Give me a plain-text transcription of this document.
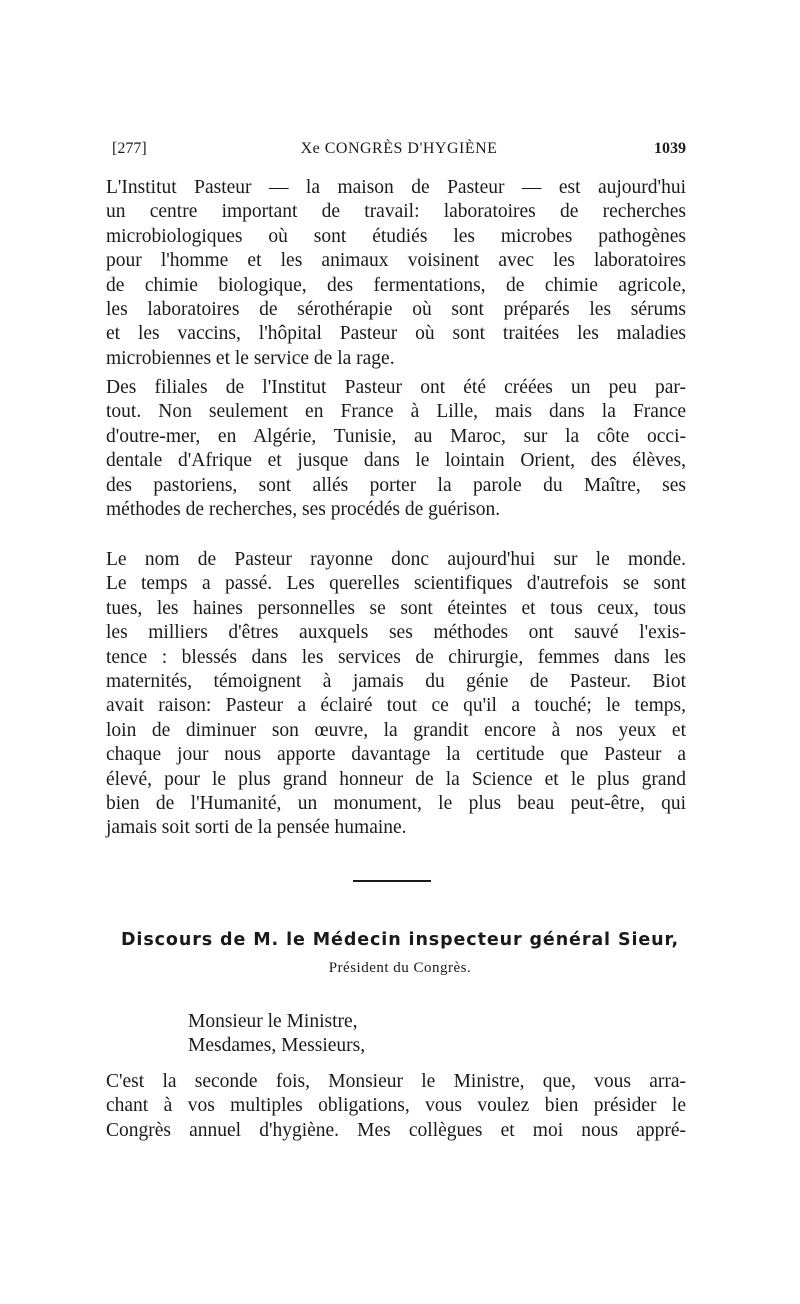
[277]	Xe CONGRÈS D'HYGIÈNE	1039

L'Institut Pasteur — la maison de Pasteur — est aujourd'hui
un centre important de travail: laboratoires de recherches
microbiologiques où sont étudiés les microbes pathogènes
pour l'homme et les animaux voisinent avec les laboratoires
de chimie biologique, des fermentations, de chimie agricole,
les laboratoires de sérothérapie où sont préparés les sérums
et les vaccins, l'hôpital Pasteur où sont traitées les maladies
microbiennes et le service de la rage.

Des filiales de l'Institut Pasteur ont été créées un peu par-
tout. Non seulement en France à Lille, mais dans la France
d'outre-mer, en Algérie, Tunisie, au Maroc, sur la côte occi-
dentale d'Afrique et jusque dans le lointain Orient, des élèves,
des pastoriens, sont allés porter la parole du Maître, ses
méthodes de recherches, ses procédés de guérison.

Le nom de Pasteur rayonne donc aujourd'hui sur le monde.
Le temps a passé. Les querelles scientifiques d'autrefois se sont
tues, les haines personnelles se sont éteintes et tous ceux, tous
les milliers d'êtres auxquels ses méthodes ont sauvé l'exis-
tence : blessés dans les services de chirurgie, femmes dans les
maternités, témoignent à jamais du génie de Pasteur. Biot
avait raison: Pasteur a éclairé tout ce qu'il a touché; le temps,
loin de diminuer son œuvre, la grandit encore à nos yeux et
chaque jour nous apporte davantage la certitude que Pasteur a
élevé, pour le plus grand honneur de la Science et le plus grand
bien de l'Humanité, un monument, le plus beau peut-être, qui
jamais soit sorti de la pensée humaine.

Discours de M. le Médecin inspecteur général Sieur,
Président du Congrès.
Monsieur le Ministre,
Mesdames, Messieurs,

C'est la seconde fois, Monsieur le Ministre, que, vous arra-
chant à vos multiples obligations, vous voulez bien présider le
Congrès annuel d'hygiène. Mes collègues et moi nous appré-
